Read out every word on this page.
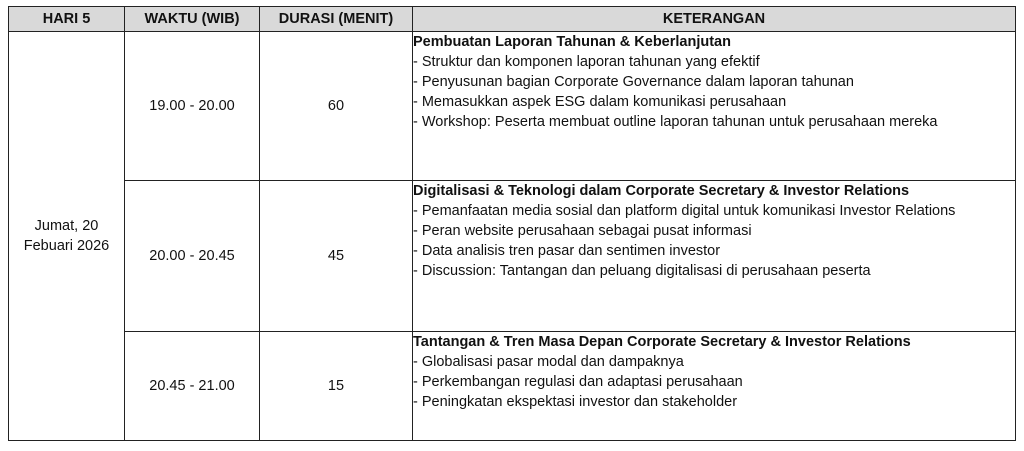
HARI 5	WAKTU (WIB)	DURASI (MENIT)	KETERANGAN

Jumat, 20
Febuari 2026	19.00 - 20.00	60	Pembuatan Laporan Tahunan & Keberlanjutan
- Struktur dan komponen laporan tahunan yang efektif
- Penyusunan bagian Corporate Governance dalam laporan tahunan
- Memasukkan aspek ESG dalam komunikasi perusahaan
- Workshop: Peserta membuat outline laporan tahunan untuk perusahaan mereka

	20.00 - 20.45	45	Digitalisasi & Teknologi dalam Corporate Secretary & Investor Relations
- Pemanfaatan media sosial dan platform digital untuk komunikasi Investor Relations
- Peran website perusahaan sebagai pusat informasi
- Data analisis tren pasar dan sentimen investor
- Discussion: Tantangan dan peluang digitalisasi di perusahaan peserta

	20.45 - 21.00	15	Tantangan & Tren Masa Depan Corporate Secretary & Investor Relations
- Globalisasi pasar modal dan dampaknya
- Perkembangan regulasi dan adaptasi perusahaan
- Peningkatan ekspektasi investor dan stakeholder
